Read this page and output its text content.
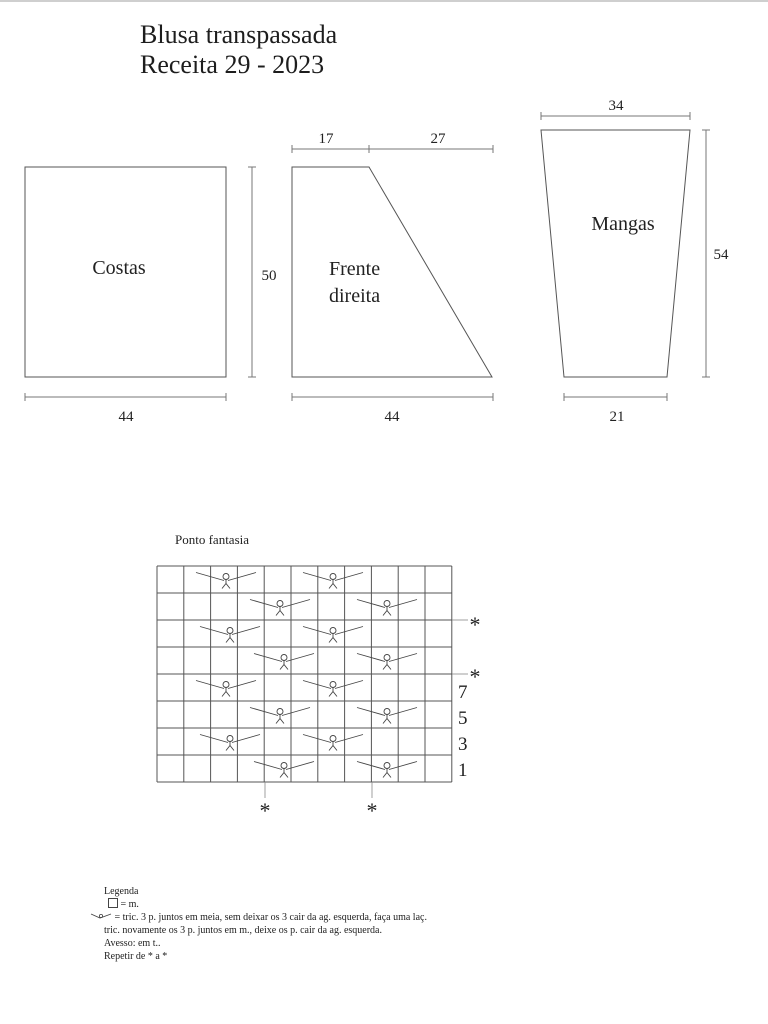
Blusa transpassada
Receita 29 - 2023
Costas
44
50	Frente
direita
17	27
44
Mangas
34
54
21
Ponto fantasia
*
*
*	*
7
5
3
1
Legenda
= m.
= tric. 3 p. juntos em meia, sem deixar os 3 cair da ag. esquerda, faça uma laç.
tric. novamente os 3 p. juntos em m., deixe os p. cair da ag. esquerda.
Avesso: em t..
Repetir de * a *
